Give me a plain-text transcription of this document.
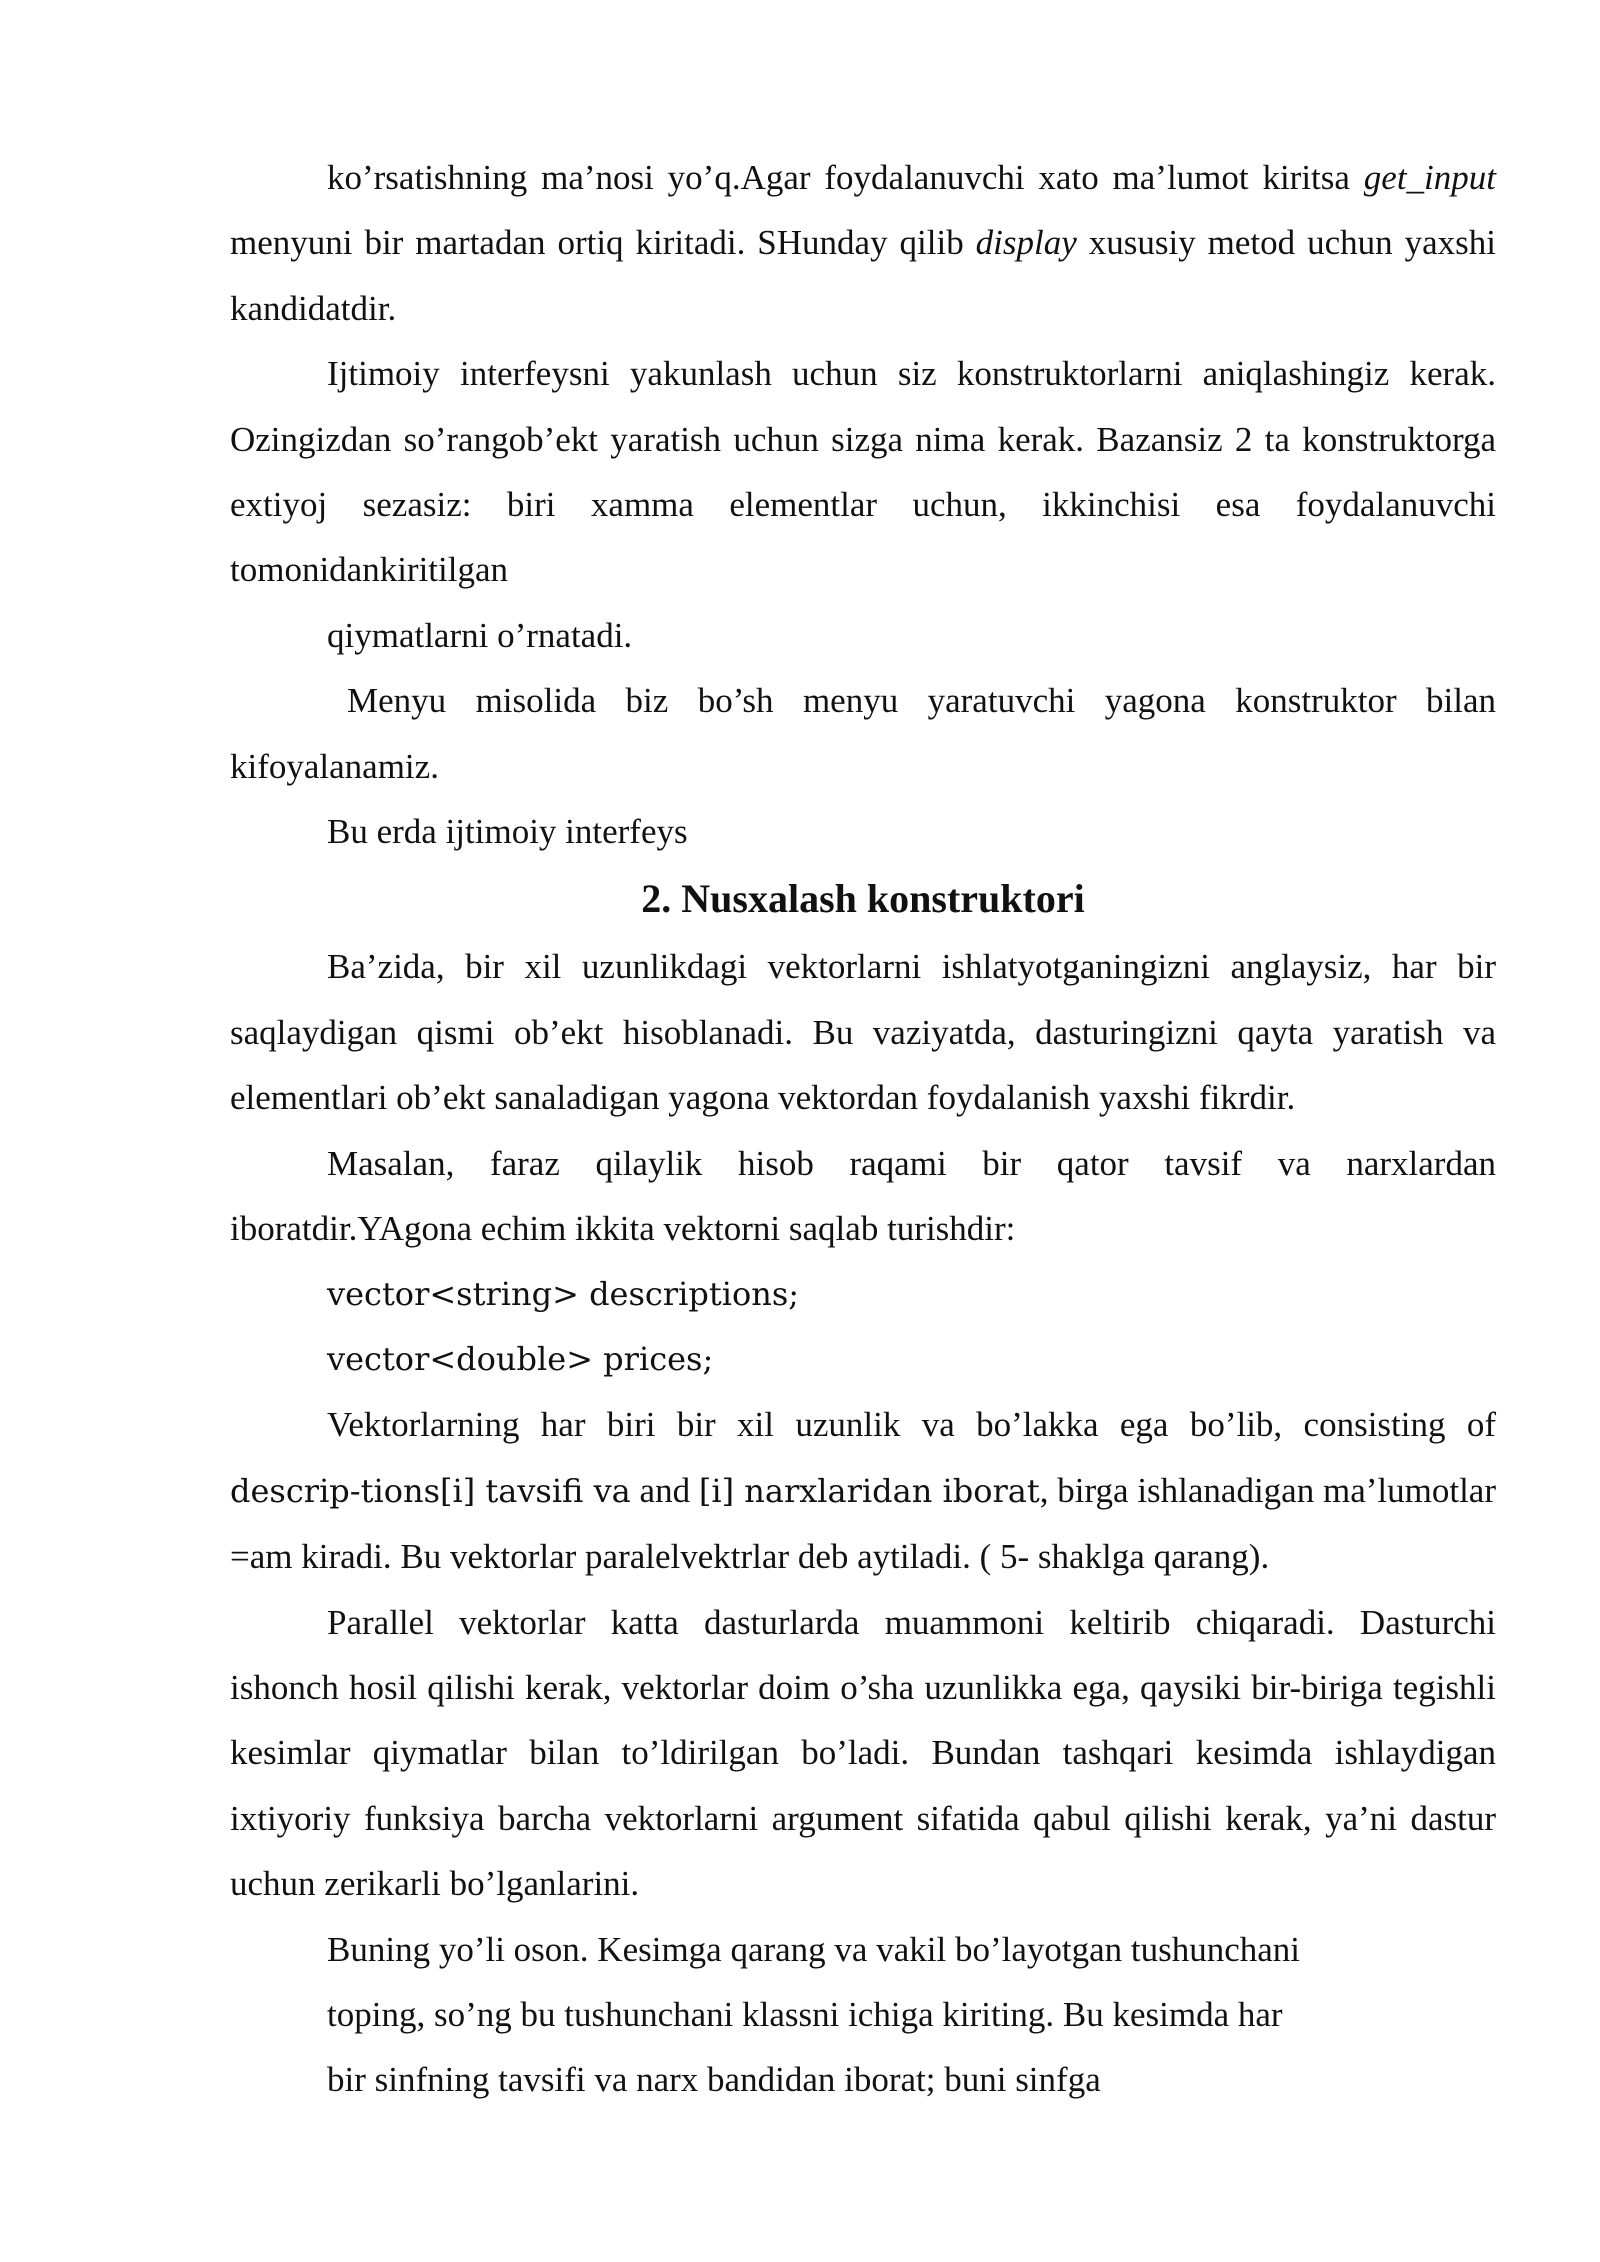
ko’rsatishning ma’nosi yo’q.Agar foydalanuvchi xato ma’lumot kiritsa get_input menyuni bir martadan ortiq kiritadi. SHunday qilib display xususiy metod uchun yaxshi kandidatdir.

Ijtimoiy interfeysni yakunlash uchun siz konstruktorlarni aniqlashingiz kerak. Ozingizdan so’rangob’ekt yaratish uchun sizga nima kerak. Bazansiz 2 ta konstruktorga extiyoj sezasiz: biri xamma elementlar uchun, ikkinchisi esa foydalanuvchi tomonidankiritilgan

qiymatlarni o’rnatadi.

Menyu misolida biz bo’sh menyu yaratuvchi yagona konstruktor bilan kifoyalanamiz.

Bu erda ijtimoiy interfeys

2. Nusxalash konstruktori

Ba’zida, bir xil uzunlikdagi vektorlarni ishlatyotganingizni anglaysiz, har bir saqlaydigan qismi ob’ekt hisoblanadi. Bu vaziyatda, dasturingizni qayta yaratish va elementlari ob’ekt sanaladigan yagona vektordan foydalanish yaxshi fikrdir.

Masalan, faraz qilaylik hisob raqami bir qator tavsif va narxlardan iboratdir.YAgona echim ikkita vektorni saqlab turishdir:

vector<string> descriptions;

vector<double> prices;

Vektorlarning har biri bir xil uzunlik va bo’lakka ega bo’lib, consisting of descrip-tions[i] tavsifi va and [i] narxlaridan iborat, birga ishlanadigan ma’lumotlar =am kiradi. Bu vektorlar paralelvektrlar deb aytiladi. ( 5- shaklga qarang).

Parallel vektorlar katta dasturlarda muammoni keltirib chiqaradi. Dasturchi ishonch hosil qilishi kerak, vektorlar doim o’sha uzunlikka ega, qaysiki bir-biriga tegishli kesimlar qiymatlar bilan to’ldirilgan bo’ladi. Bundan tashqari kesimda ishlaydigan ixtiyoriy funksiya barcha vektorlarni argument sifatida qabul qilishi kerak, ya’ni dastur uchun zerikarli bo’lganlarini.

Buning yo’li oson. Kesimga qarang va vakil bo’layotgan tushunchani

toping, so’ng bu tushunchani klassni ichiga kiriting. Bu kesimda har

bir sinfning tavsifi va narx bandidan iborat; buni sinfga
